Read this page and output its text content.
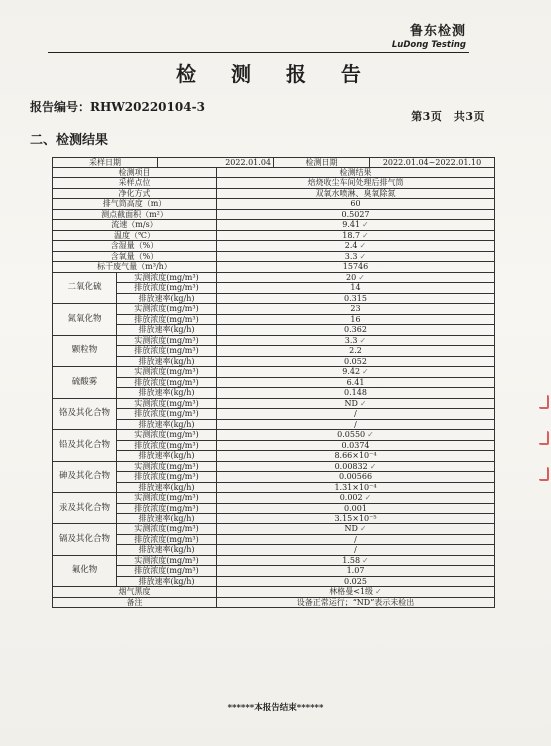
鲁东检测
LuDong Testing
检 测 报 告
报告编号：RHW20220104-3
第3页　共3页
二、检测结果
采样日期	2022.01.04	检测日期	2022.01.04~2022.01.10
检测项目		检测结果
采样点位		焙烧收尘车间处理后排气筒
净化方式		双氧水喷淋、臭氧除氮
排气筒高度（m）		60
测点截面积（m²）		0.5027
流速（m/s）		9.41 ✓
温度（℃）		18.7 ✓
含湿量（%）		2.4 ✓
含氧量（%）		3.3 ✓
标干废气量（m³/h）		15746
二氧化硫	实测浓度(mg/m³)	20 ✓
	排放浓度(mg/m³)	14
	排放速率(kg/h)	0.315
氮氧化物	实测浓度(mg/m³)	23
	排放浓度(mg/m³)	16
	排放速率(kg/h)	0.362
颗粒物	实测浓度(mg/m³)	3.3 ✓
	排放浓度(mg/m³)	2.2
	排放速率(kg/h)	0.052
硫酸雾	实测浓度(mg/m³)	9.42 ✓
	排放浓度(mg/m³)	6.41
	排放速率(kg/h)	0.148
铬及其化合物	实测浓度(mg/m³)	ND ✓
	排放浓度(mg/m³)	/
	排放速率(kg/h)	/
铅及其化合物	实测浓度(mg/m³)	0.0550 ✓
	排放浓度(mg/m³)	0.0374
	排放速率(kg/h)	8.66×10⁻⁴
砷及其化合物	实测浓度(mg/m³)	0.00832 ✓
	排放浓度(mg/m³)	0.00566
	排放速率(kg/h)	1.31×10⁻⁴
汞及其化合物	实测浓度(mg/m³)	0.002 ✓
	排放浓度(mg/m³)	0.001
	排放速率(kg/h)	3.15×10⁻⁵
镉及其化合物	实测浓度(mg/m³)	ND ✓
	排放浓度(mg/m³)	/
	排放速率(kg/h)	/
氟化物	实测浓度(mg/m³)	1.58 ✓
	排放浓度(mg/m³)	1.07
	排放速率(kg/h)	0.025
烟气黑度		林格曼<1级 ✓
备注		设备正常运行；“ND”表示未检出
******本报告结束******
